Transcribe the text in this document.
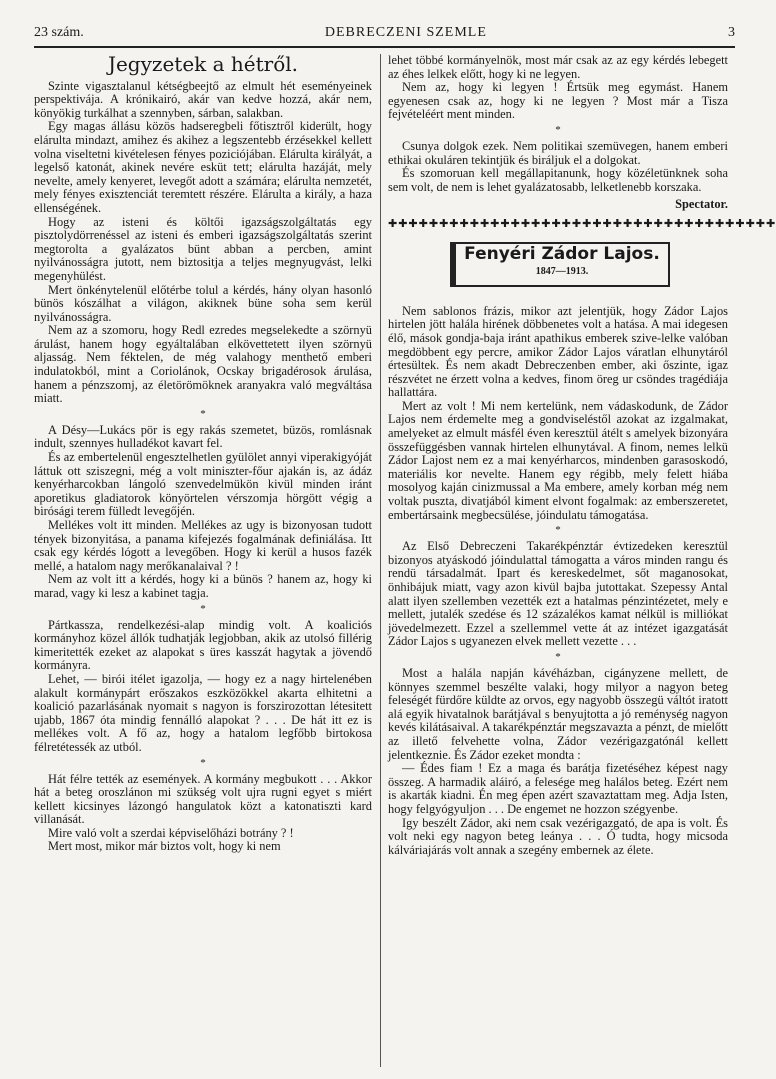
23 szám.	DEBRECZENI SZEMLE	3
Jegyzetek a hétről.

Szinte vigasztalanul kétségbeejtő az elmult hét eseményeinek perspektivája. A krónikairó, akár van kedve hozzá, akár nem, könyökig turkálhat a szennyben, sárban, salakban.

Egy magas állásu közös hadseregbeli főtisztről kiderült, hogy elárulta mindazt, amihez és akihez a legszentebb érzésekkel kellett volna viseltetni kivételesen fényes poziciójában. Elárulta királyát, a legelső katonát, akinek nevére esküt tett; elárulta hazáját, mely nevelte, amely kenyeret, levegőt adott a számára; elárulta nemzetét, mely fényes exisztenciát teremtett részére. Elárulta a király, a haza ellenségének.

Hogy az isteni és költői igazságszolgáltatás egy pisztolydörrenéssel az isteni és emberi igazságszolgáltatás szerint megtorolta a gyalázatos bünt abban a percben, amint nyilvánosságra jutott, nem biztositja a teljes megnyugvást, lelki megenyhülést.

Mert önkénytelenül előtérbe tolul a kérdés, hány olyan hasonló bünös kószálhat a világon, akiknek büne soha sem kerül nyilvánosságra.

Nem az a szomoru, hogy Redl ezredes megselekedte a szörnyü árulást, hanem hogy egyáltalában elkövettetett ilyen szörnyü aljasság. Nem féktelen, de még valahogy menthető emberi indulatokból, mint a Coriolánok, Ocskay brigadérosok árulása, hanem a pénzszomj, az életörömöknek aranyakra való megváltása miatt.

*

A Désy—Lukács pör is egy rakás szemetet, büzös, romlásnak indult, szennyes hulladékot kavart fel.

És az embertelenül engesztelhetlen gyülölet annyi viperakigyóját láttuk ott sziszegni, még a volt miniszter-főur ajakán is, az ádáz kenyérharcokban lángoló szenvedelmükön kivül minden iránt aporetikus gladiatorok könyörtelen vérszomja hörgött végig a birósági terem fülledt levegőjén.

Mellékes volt itt minden. Mellékes az ugy is bizonyosan tudott tények bizonyitása, a panama kifejezés fogalmának definiálása. Itt csak egy kérdés lógott a levegőben. Hogy ki kerül a husos fazék mellé, a hatalom nagy merőkanalaival ? !

Nem az volt itt a kérdés, hogy ki a bünös ? hanem az, hogy ki marad, vagy ki lesz a kabinet tagja.

*

Pártkassza, rendelkezési-alap mindig volt. A koaliciós kormányhoz közel állók tudhatják legjobban, akik az utolsó fillérig kimeritették ezeket az alapokat s üres kasszát hagytak a jövendő kormányra.

Lehet, — birói itélet igazolja, — hogy ez a nagy hirtelenében alakult kormánypárt erőszakos eszközökkel akarta elhitetni a koalició pazarlásának nyomait s nagyon is forszirozottan létesitett ujabb, 1867 óta mindig fennálló alapokat ? . . . De hát itt ez is mellékes volt. A fő az, hogy a hatalom legfőbb birtokosa félretétessék az utból.

*

Hát félre tették az események. A kormány megbukott . . . Akkor hát a beteg oroszlánon mi szükség volt ujra rugni egyet s miért kellett kicsinyes lázongó hangulatok közt a katonatiszti kard villanását.

Mire való volt a szerdai képviselőházi botrány ? !

Mert most, mikor már biztos volt, hogy ki nem

lehet többé kormányelnök, most már csak az az egy kérdés lebegett az éhes lelkek előtt, hogy ki ne legyen.

Nem az, hogy ki legyen ! Értsük meg egymást. Hanem egyenesen csak az, hogy ki ne legyen ? Most már a Tisza fejvételéért ment minden.

*

Csunya dolgok ezek. Nem politikai szemüvegen, hanem emberi ethikai okuláren tekintjük és biráljuk el a dolgokat.

És szomoruan kell megállapitanunk, hogy közéletünknek soha sem volt, de nem is lehet gyalázatosabb, lelketlenebb korszaka.

Spectator.
✚✚✚✚✚✚✚✚✚✚✚✚✚✚✚✚✚✚✚✚✚✚✚✚✚✚✚✚✚✚✚✚✚✚✚✚✚✚
Fenyéri Zádor Lajos.
1847—1913.

Nem sablonos frázis, mikor azt jelentjük, hogy Zádor Lajos hirtelen jött halála hirének döbbenetes volt a hatása. A mai idegesen élő, mások gondja-baja iránt apathikus emberek szive-lelke valóban megdöbbent egy percre, amikor Zádor Lajos váratlan elhunytáról értesültek. És nem akadt Debreczenben ember, aki őszinte, igaz részvétet ne érzett volna a kedves, finom öreg ur csöndes tragédiája hallattára.

Mert az volt ! Mi nem kertelünk, nem vádaskodunk, de Zádor Lajos nem érdemelte meg a gondviseléstől azokat az izgalmakat, amelyeket az elmult másfél éven keresztül átélt s amelyek bizonyára összefüggésben vannak hirtelen elhunytával. A finom, nemes lelkü Zádor Lajost nem ez a mai kenyérharcos, mindenben garasoskodó, materiális kor nevelte. Hanem egy régibb, mely felett hiába mosolyog kaján cinizmussal a Ma embere, amely korban még nem voltak puszta, divatjából kiment elvont fogalmak: az emberszeretet, embertársaink megbecsülése, jóindulatu támogatása.

*

Az Első Debreczeni Takarékpénztár évtizedeken keresztül bizonyos atyáskodó jóindulattal támogatta a város minden rangu és rendü társadalmát. Ipart és kereskedelmet, sőt maganosokat, önhibájuk miatt, vagy azon kivül bajba jutottakat. Szepessy Antal alatt ilyen szellemben vezették ezt a hatalmas pénzintézetet, mely e mellett, jutalék szedése és 12 százalékos kamat nélkül is milliókat jövedelmezett. Ezzel a szellemmel vette át az intézet igazgatását Zádor Lajos s ugyanezen elvek mellett vezette . . .

*

Most a halála napján kávéházban, cigányzene mellett, de könnyes szemmel beszélte valaki, hogy milyor a nagyon beteg feleségét fürdőre küldte az orvos, egy nagyobb összegü váltót iratott alá egyik hivatalnok barátjával s benyujtotta a jó reménység nagyon kevés kilátásaival. A takarékpénztár megszavazta a pénzt, de mielőtt az illető felvehette volna, Zádor vezérigazgatónál kellett jelentkeznie. És Zádor ezeket mondta :

— Édes fiam ! Ez a maga és barátja fizetéséhez képest nagy összeg. A harmadik aláiró, a felesége meg halálos beteg. Ezért nem is akarták kiadni. Én meg épen azért szavaztattam meg. Adja Isten, hogy felgyógyuljon . . . De engemet ne hozzon szégyenbe.

Igy beszélt Zádor, aki nem csak vezérigazgató, de apa is volt. És volt neki egy nagyon beteg leánya . . . Ó tudta, hogy micsoda kálváriajárás volt annak a szegény embernek az élete.
